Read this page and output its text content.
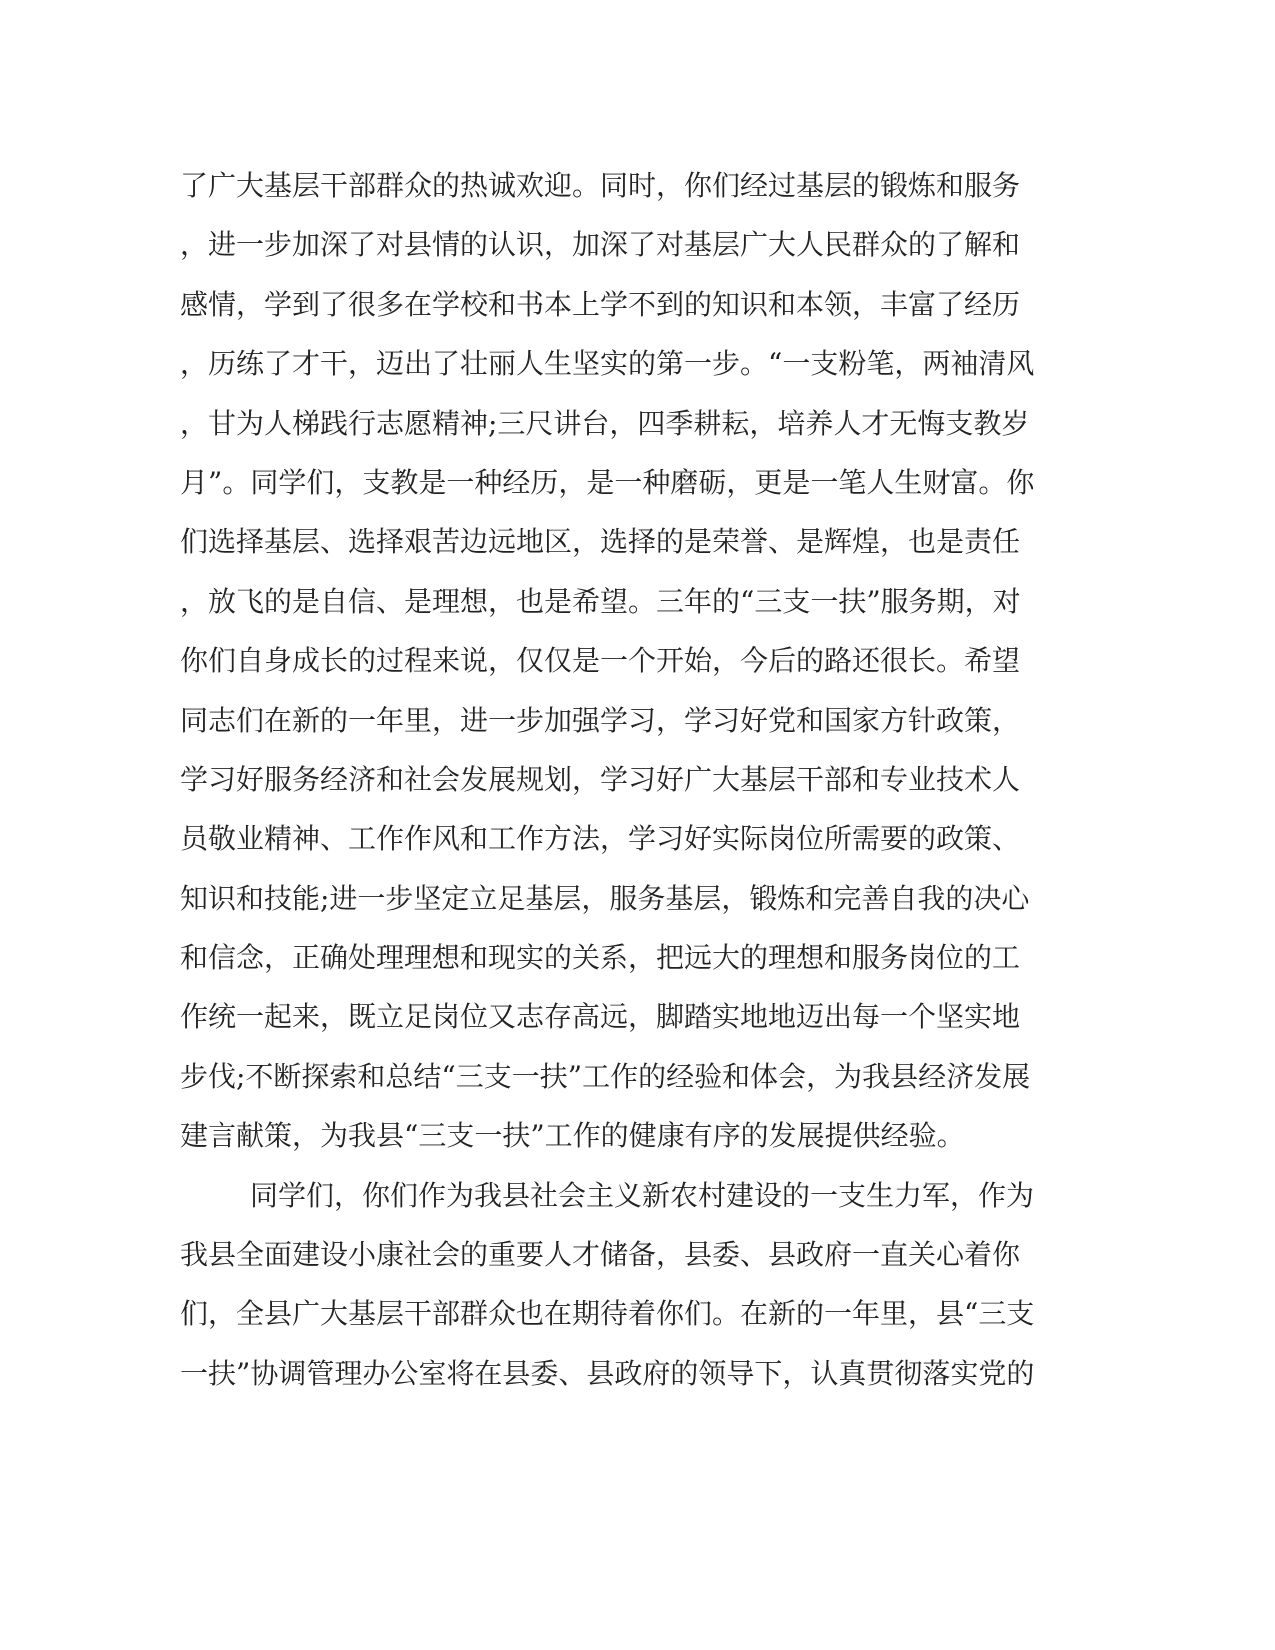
了广大基层干部群众的热诚欢迎。同时，你们经过基层的锻炼和服务
，进一步加深了对县情的认识，加深了对基层广大人民群众的了解和
感情，学到了很多在学校和书本上学不到的知识和本领，丰富了经历
，历练了才干，迈出了壮丽人生坚实的第一步。“一支粉笔，两袖清风
，甘为人梯践行志愿精神;三尺讲台，四季耕耘，培养人才无悔支教岁
月”。同学们，支教是一种经历，是一种磨砺，更是一笔人生财富。你
们选择基层、选择艰苦边远地区，选择的是荣誉、是辉煌，也是责任
，放飞的是自信、是理想，也是希望。三年的“三支一扶”服务期，对
你们自身成长的过程来说，仅仅是一个开始，今后的路还很长。希望
同志们在新的一年里，进一步加强学习，学习好党和国家方针政策，
学习好服务经济和社会发展规划，学习好广大基层干部和专业技术人
员敬业精神、工作作风和工作方法，学习好实际岗位所需要的政策、
知识和技能;进一步坚定立足基层，服务基层，锻炼和完善自我的决心
和信念，正确处理理想和现实的关系，把远大的理想和服务岗位的工
作统一起来，既立足岗位又志存高远，脚踏实地地迈出每一个坚实地
步伐;不断探索和总结“三支一扶”工作的经验和体会，为我县经济发展
建言献策，为我县“三支一扶”工作的健康有序的发展提供经验。
同学们，你们作为我县社会主义新农村建设的一支生力军，作为
我县全面建设小康社会的重要人才储备，县委、县政府一直关心着你
们，全县广大基层干部群众也在期待着你们。在新的一年里，县“三支
一扶”协调管理办公室将在县委、县政府的领导下，认真贯彻落实党的
